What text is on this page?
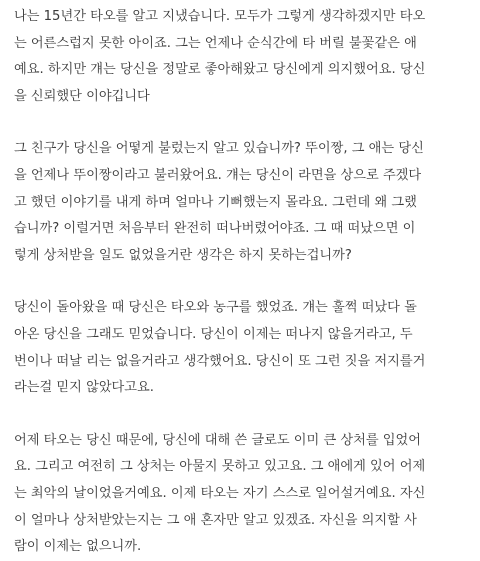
나는 15년간 타오를 알고 지냈습니다. 모두가 그렇게 생각하겠지만 타오
는 어른스럽지 못한 아이죠. 그는 언제나 순식간에 타 버릴 불꽃같은 애
예요. 하지만 걔는 당신을 정말로 좋아해왔고 당신에게 의지했어요. 당신
을 신뢰했단 이야깁니다
그 친구가 당신을 어떻게 불렀는지 알고 있습니까? 뚜이짱, 그 애는 당신
을 언제나 뚜이짱이라고 불러왔어요. 걔는 당신이 라면을 상으로 주겠다
고 했던 이야기를 내게 하며 얼마나 기뻐했는지 몰라요. 그런데 왜 그랬
습니까? 이럴거면 처음부터 완전히 떠나버렸어야죠. 그 때 떠났으면 이
렇게 상처받을 일도 없었을거란 생각은 하지 못하는겁니까?
당신이 돌아왔을 때 당신은 타오와 농구를 했었죠. 걔는 훌쩍 떠났다 돌
아온 당신을 그래도 믿었습니다. 당신이 이제는 떠나지 않을거라고, 두
번이나 떠날 리는 없을거라고 생각했어요. 당신이 또 그런 짓을 저지를거
라는걸 믿지 않았다고요.
어제 타오는 당신 때문에, 당신에 대해 쓴 글로도 이미 큰 상처를 입었어
요. 그리고 여전히 그 상처는 아물지 못하고 있고요. 그 애에게 있어 어제
는 최악의 날이었을거예요. 이제 타오는 자기 스스로 일어설거예요. 자신
이 얼마나 상처받았는지는 그 애 혼자만 알고 있겠죠. 자신을 의지할 사
람이 이제는 없으니까.
